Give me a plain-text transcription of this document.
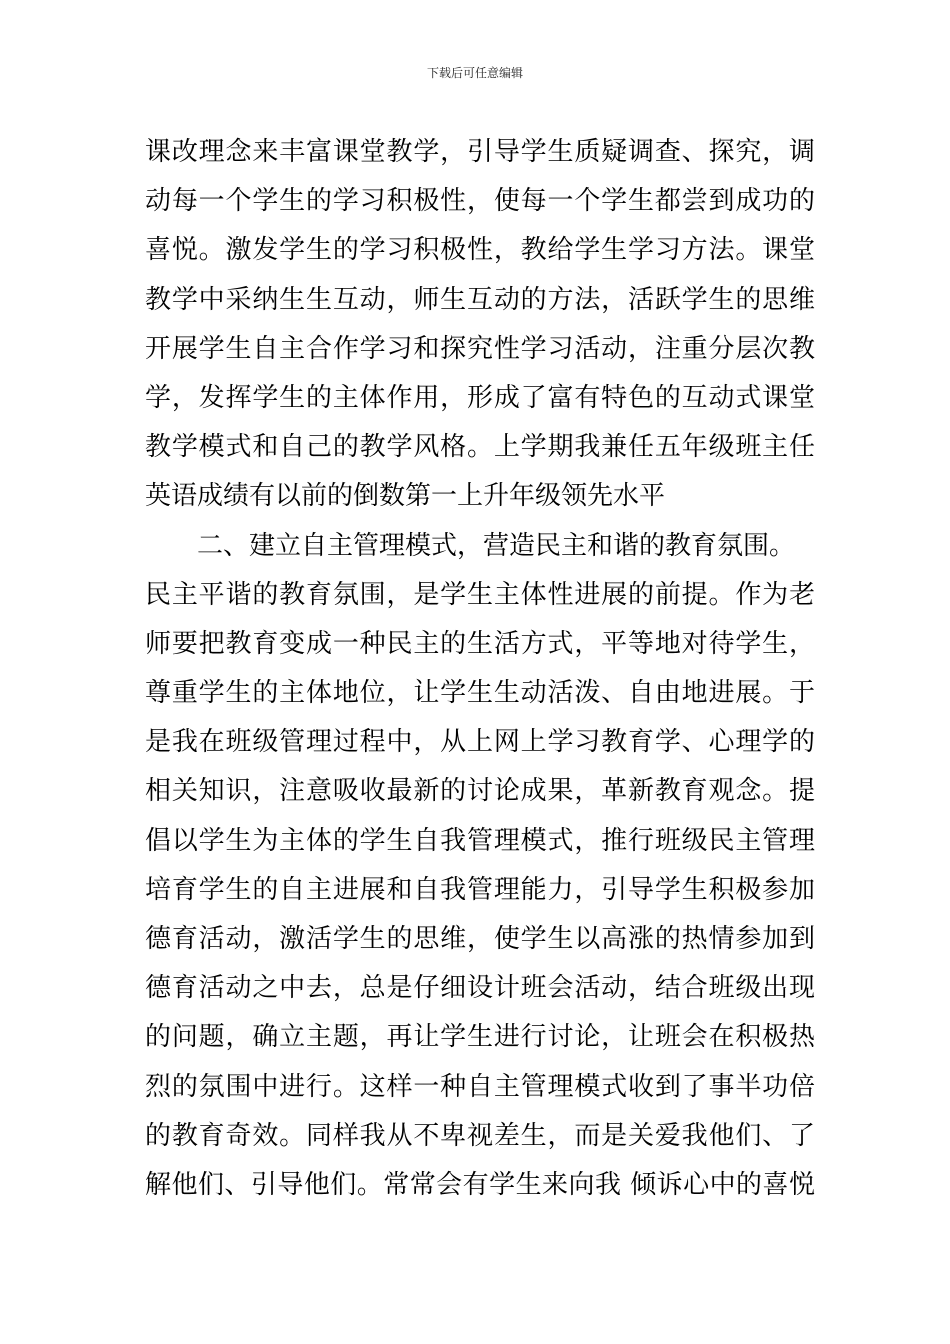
下载后可任意编辑
课改理念来丰富课堂教学，引导学生质疑调查、探究，调
动每一个学生的学习积极性，使每一个学生都尝到成功的
喜悦。激发学生的学习积极性，教给学生学习方法。课堂
教学中采纳生生互动，师生互动的方法，活跃学生的思维
开展学生自主合作学习和探究性学习活动，注重分层次教
学，发挥学生的主体作用，形成了富有特色的互动式课堂
教学模式和自己的教学风格。上学期我兼任五年级班主任
英语成绩有以前的倒数第一上升年级领先水平
二、建立自主管理模式，营造民主和谐的教育氛围。
民主平谐的教育氛围，是学生主体性进展的前提。作为老
师要把教育变成一种民主的生活方式，平等地对待学生，
尊重学生的主体地位，让学生生动活泼、自由地进展。于
是我在班级管理过程中，从上网上学习教育学、心理学的
相关知识，注意吸收最新的讨论成果，革新教育观念。提
倡以学生为主体的学生自我管理模式，推行班级民主管理
培育学生的自主进展和自我管理能力，引导学生积极参加
德育活动，激活学生的思维，使学生以高涨的热情参加到
德育活动之中去，总是仔细设计班会活动，结合班级出现
的问题，确立主题，再让学生进行讨论，让班会在积极热
烈的氛围中进行。这样一种自主管理模式收到了事半功倍
的教育奇效。同样我从不卑视差生，而是关爱我他们、了
解他们、引导他们。常常会有学生来向我 倾诉心中的喜悦
